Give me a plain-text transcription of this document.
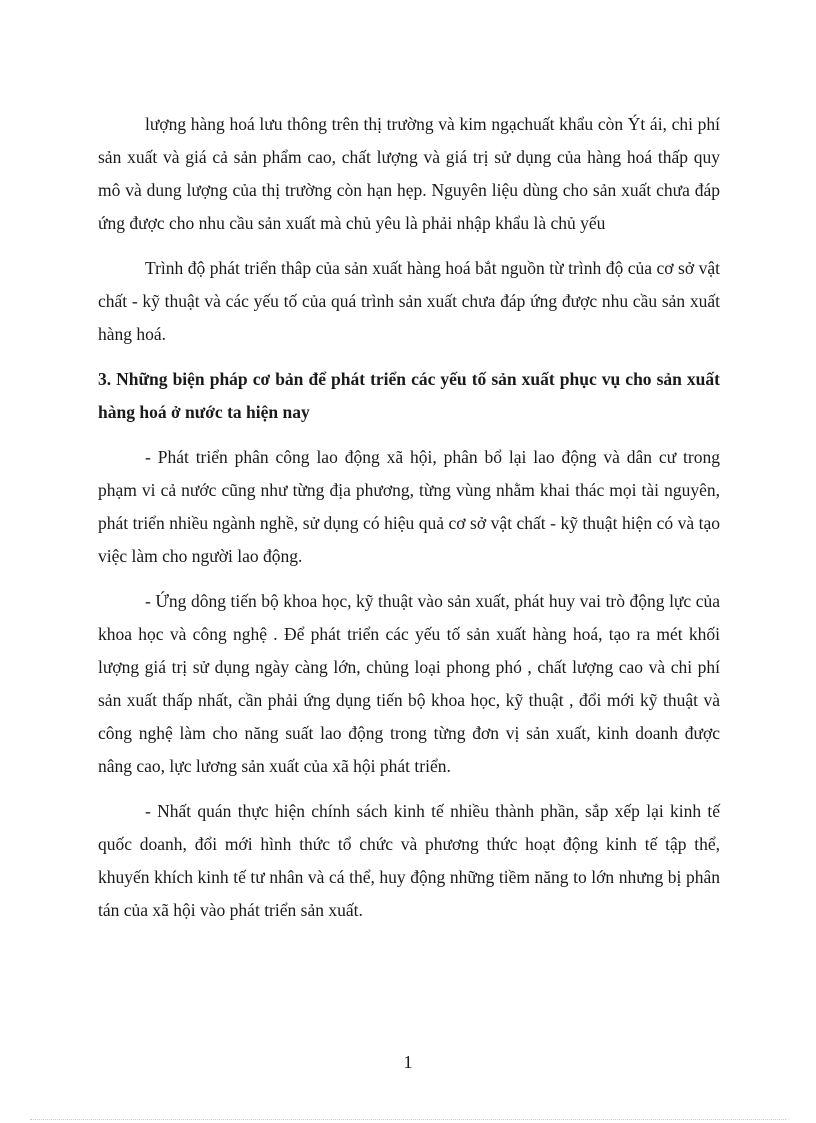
lượng hàng hoá lưu thông trên thị trường và kim ngạchuất khẩu còn Ýt ái, chi phí sản xuất và giá cả sản phẩm cao, chất lượng và giá trị sử dụng của hàng hoá thấp quy mô và dung lượng của thị trường còn hạn hẹp. Nguyên liệu dùng cho sản xuất chưa đáp ứng được cho nhu cầu sản xuất mà chủ yêu là phải nhập khẩu là chủ yếu

Trình độ phát triển thâp của sản xuất hàng hoá bắt nguồn từ trình độ của cơ sở vật chất - kỹ thuật và các yếu tố của quá trình sản xuất chưa đáp ứng được nhu cầu sản xuất hàng hoá.

3. Những biện pháp cơ bản để phát triển các yếu tố sản xuất phục vụ cho sản xuất hàng hoá ở nước ta hiện nay

- Phát triển phân công lao động xã hội, phân bổ lại lao động và dân cư trong phạm vi cả nước cũng như từng địa phương, từng vùng nhằm khai thác mọi tài nguyên, phát triển nhiều ngành nghề, sử dụng có hiệu quả cơ sở vật chất - kỹ thuật hiện có và tạo việc làm cho người lao động.

- Ứng dông tiến bộ khoa học, kỹ thuật vào sản xuất, phát huy vai trò động lực của khoa học và công nghệ . Để phát triển các yếu tố sản xuất hàng hoá, tạo ra mét khối lượng giá trị sử dụng ngày càng lớn, chủng loại phong phó , chất lượng cao và chi phí sản xuất thấp nhất, cần phải ứng dụng tiến bộ khoa học, kỹ thuật , đổi mới kỹ thuật và công nghệ làm cho năng suất lao động trong từng đơn vị sản xuất, kinh doanh được nâng cao, lực lương sản xuất của xã hội phát triển.

- Nhất quán thực hiện chính sách kinh tế nhiều thành phần, sắp xếp lại kinh tế quốc doanh, đổi mới hình thức tổ chức và phương thức hoạt động kinh tế tập thể, khuyến khích kinh tế tư nhân và cá thể, huy động những tiềm năng to lớn nhưng bị phân tán của xã hội vào phát triển sản xuất.

1
